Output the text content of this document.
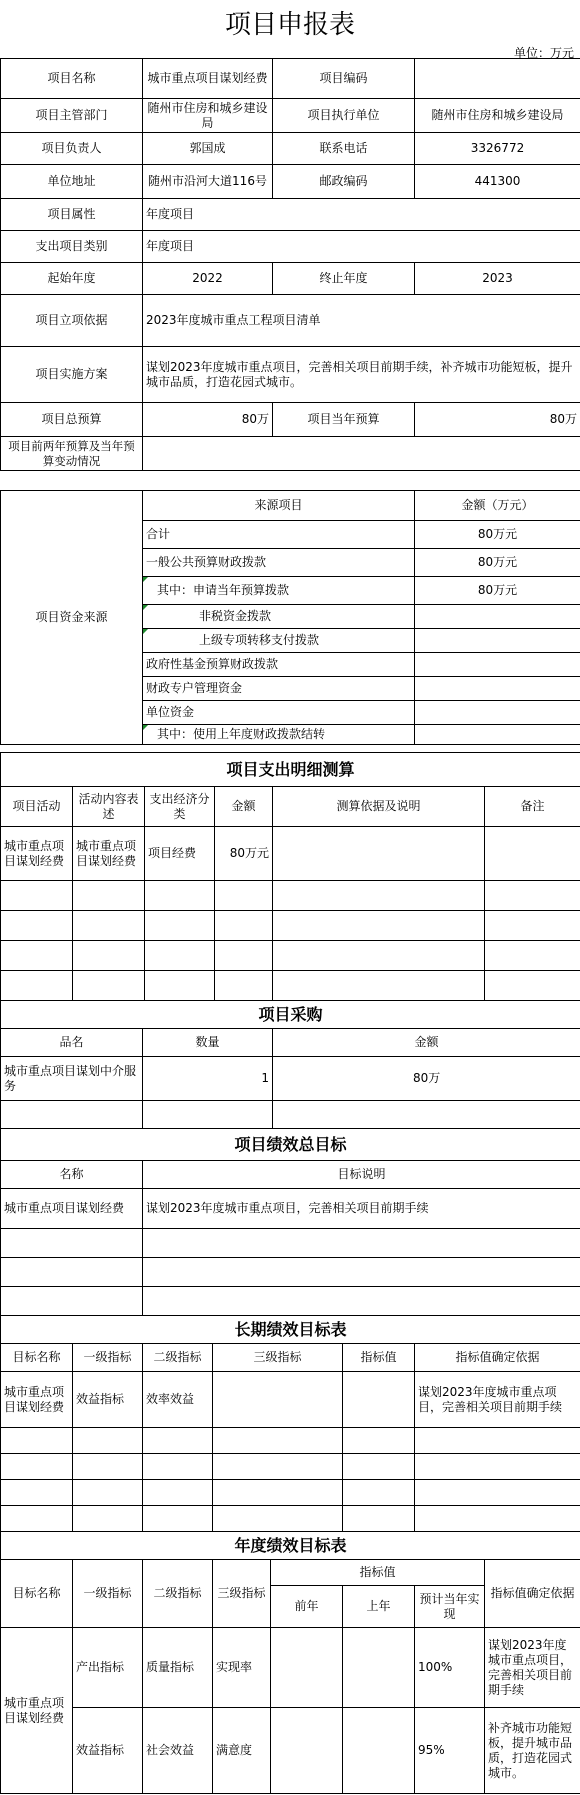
项目申报表
单位：万元
项目名称	城市重点项目谋划经费	项目编码	
项目主管部门	随州市住房和城乡建设局	项目执行单位	随州市住房和城乡建设局
项目负责人	郭国成	联系电话	3326772
单位地址	随州市沿河大道116号	邮政编码	441300
项目属性	年度项目		
支出项目类别	年度项目		
起始年度	2022	终止年度	2023
项目立项依据	2023年度城市重点工程项目清单		
项目实施方案	谋划2023年度城市重点项目，完善相关项目前期手续，补齐城市功能短板，提升城市品质，打造花园式城市。		
项目总预算	80万	项目当年预算	80万
项目前两年预算及当年预算变动情况			
项目资金来源	来源项目	金额（万元）
	合计	80万元
	一般公共预算财政拨款	80万元
	其中：申请当年预算拨款	80万元
	非税资金拨款	
	上级专项转移支付拨款	
	政府性基金预算财政拨款	
	财政专户管理资金	
	单位资金	
	其中：使用上年度财政拨款结转	
项目支出明细测算					
项目活动	活动内容表述	支出经济分类	金额	测算依据及说明	备注
城市重点项目谋划经费	城市重点项目谋划经费	项目经费	80万元		

项目采购		
品名	数量	金额
城市重点项目谋划中介服务	1	80万

项目绩效总目标	
名称	目标说明
城市重点项目谋划经费	谋划2023年度城市重点项目，完善相关项目前期手续

长期绩效目标表					
目标名称	一级指标	二级指标	三级指标	指标值	指标值确定依据
城市重点项目谋划经费	效益指标	效率效益			谋划2023年度城市重点项目，完善相关项目前期手续

年度绩效目标表							
目标名称	一级指标	二级指标	三级指标	指标值			指标值确定依据
				前年	上年	预计当年实现	
城市重点项目谋划经费	产出指标	质量指标	实现率			100%	谋划2023年度城市重点项目，完善相关项目前期手续
	效益指标	社会效益	满意度			95%	补齐城市功能短板，提升城市品质，打造花园式城市。
